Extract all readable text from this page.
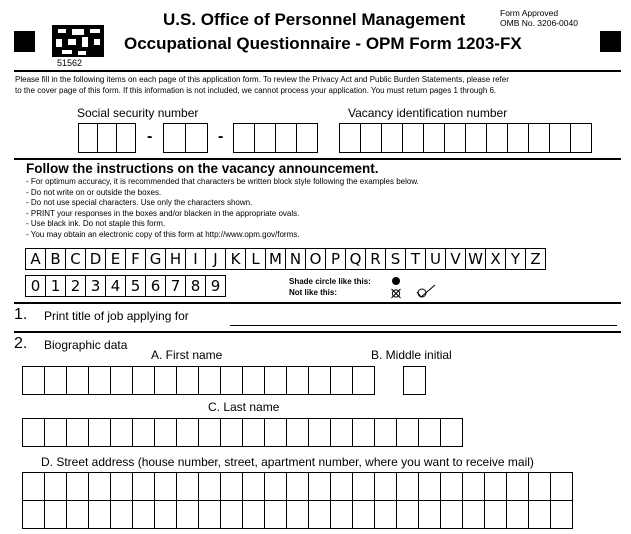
51562
U.S. Office of Personnel Management
Occupational Questionnaire - OPM Form 1203-FX
Form Approved
OMB No. 3206-0040
Please fill in the following items on each page of this application form. To review the Privacy Act and Public Burden Statements, please refer
to the cover page of this form. If this information is not included, we cannot process your application. You must return pages 1 through 6.
Social security number	Vacancy identification number
-	-
Follow the instructions on the vacancy announcement.
- For optimum accuracy, it is recommended that characters be written block style following the examples below.
- Do not write on or outside the boxes.
- Do not use special characters. Use only the characters shown.
- PRINT your responses in the boxes and/or blacken in the appropriate ovals.
- Use black ink. Do not staple this form.
- You may obtain an electronic copy of this form at http://www.opm.gov/forms.
A B C D E F G H I	J K L M N O P Q R S T U V W X Y Z
0 1 2 3 4 5 6 7 8 9	Shade circle like this:
Not like this:
1. Print title of job applying for
2. Biographic data
A. First name	B. Middle initial
C. Last name
D. Street address (house number, street, apartment number, where you want to receive mail)
